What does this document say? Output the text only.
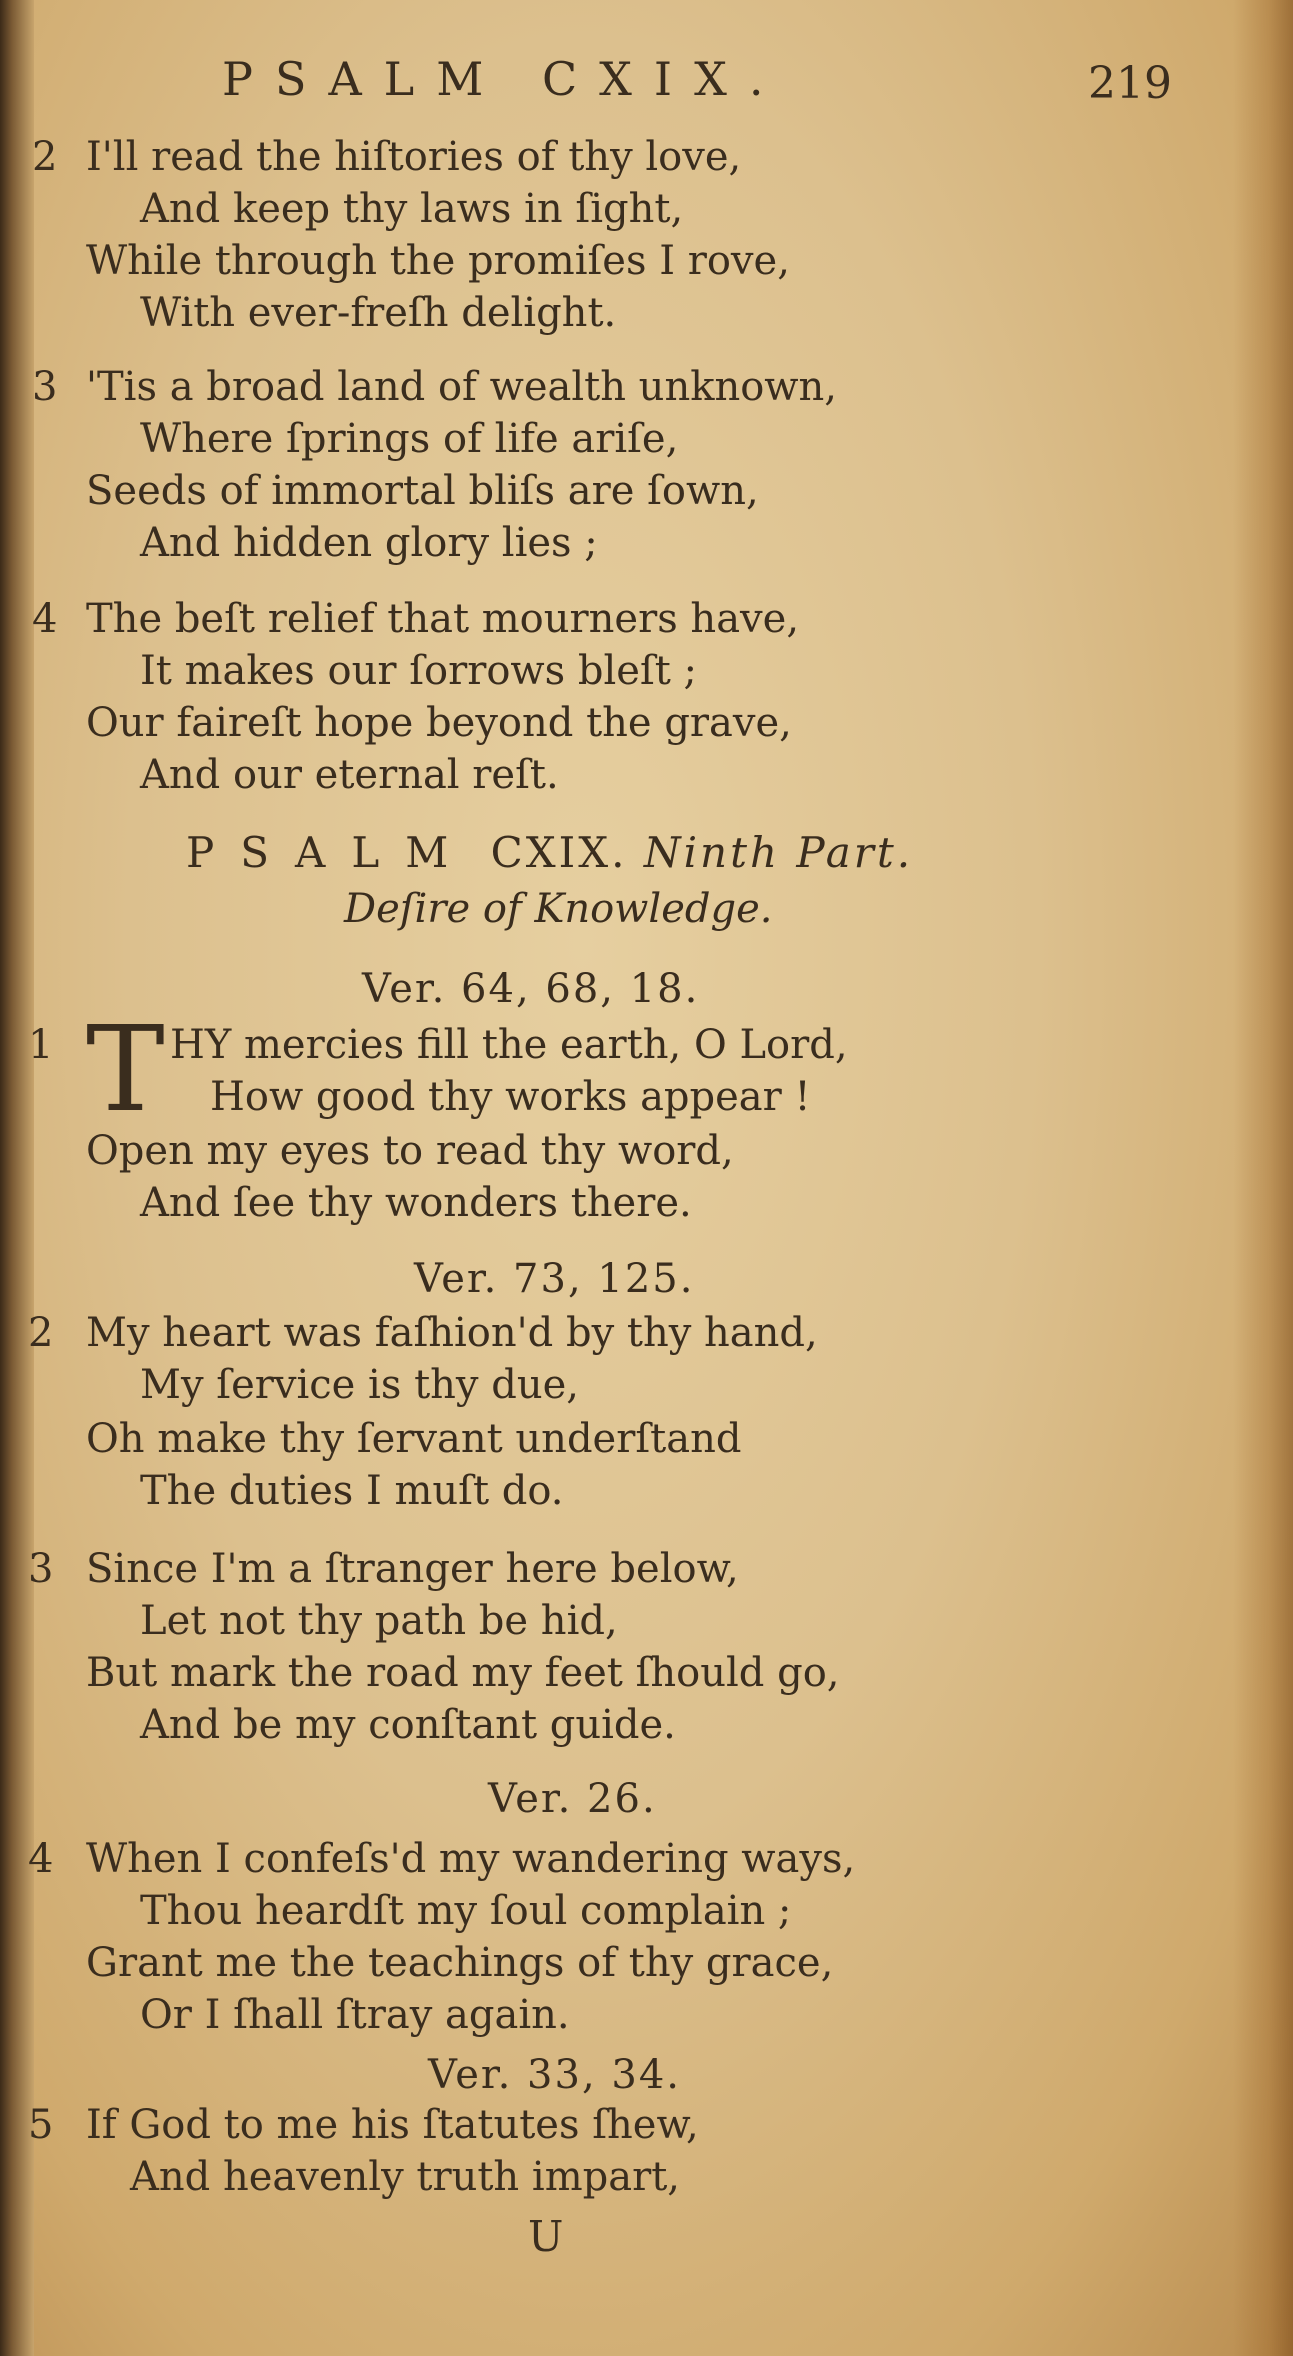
PSALM CXIX.	219
2 I'll read the hiſtories of thy love,
And keep thy laws in ſight,
While through the promiſes I rove,
With ever-freſh delight.
3 'Tis a broad land of wealth unknown,
Where ſprings of life ariſe,
Seeds of immortal bliſs are ſown,
And hidden glory lies ;
4 The beſt relief that mourners have,
It makes our ſorrows bleſt ;
Our faireſt hope beyond the grave,
And our eternal reſt.
PSALM CXIX. Ninth Part.
Deſire of Knowledge.
Ver. 64, 68, 18.
1 T HY mercies fill the earth, O Lord,
How good thy works appear !
Open my eyes to read thy word,
And ſee thy wonders there.
Ver. 73, 125.
2 My heart was faſhion'd by thy hand,
My ſervice is thy due,
Oh make thy ſervant underſtand
The duties I muſt do.
3 Since I'm a ſtranger here below,
Let not thy path be hid,
But mark the road my feet ſhould go,
And be my conſtant guide.
Ver. 26.
4 When I confeſs'd my wandering ways,
Thou heardſt my ſoul complain ;
Grant me the teachings of thy grace,
Or I ſhall ſtray again.
Ver. 33, 34.
5 If God to me his ſtatutes ſhew,
And heavenly truth impart,
U
